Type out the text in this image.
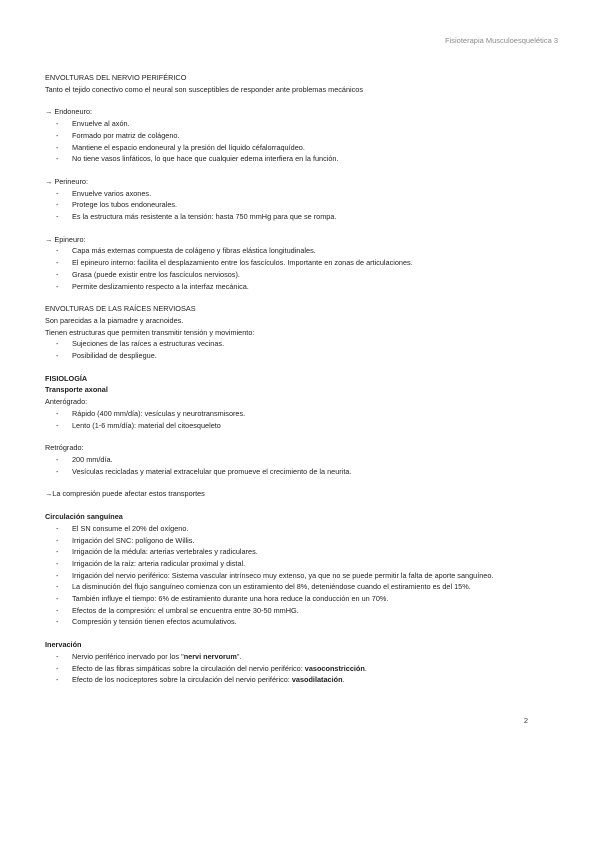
Fisioterapia Musculoesquelética 3
ENVOLTURAS DEL NERVIO PERIFÉRICO
Tanto el tejido conectivo como el neural son susceptibles de responder ante problemas mecánicos
→ Endoneuro:
- Envuelve al axón.
- Formado por matriz de colágeno.
- Mantiene el espacio endoneural y la presión del líquido céfalorraquídeo.
- No tiene vasos linfáticos, lo que hace que cualquier edema interfiera en la función.
→ Perineuro:
- Envuelve varios axones.
- Protege los tubos endoneurales.
- Es la estructura más resistente a la tensión: hasta 750 mmHg para que se rompa.
→ Epineuro:
- Capa más externas compuesta de colágeno y fibras elástica longitudinales.
- El epineuro interno: facilita el desplazamiento entre los fascículos. Importante en zonas de articulaciones.
- Grasa (puede existir entre los fascículos nerviosos).
- Permite deslizamiento respecto a la interfaz mecánica.
ENVOLTURAS DE LAS RAÍCES NERVIOSAS
Son parecidas a la piamadre y aracnoides.
Tienen estructuras que permiten transmitir tensión y movimiento:
- Sujeciones de las raíces a estructuras vecinas.
- Posibilidad de despliegue.
FISIOLOGÍA
Transporte axonal
Anterógrado:
- Rápido (400 mm/día): vesículas y neurotransmisores.
- Lento (1-6 mm/día): material del citoesqueleto
Retrógrado:
- 200 mm/día.
- Vesículas recicladas y material extracelular que promueve el crecimiento de la neurita.
→La compresión puede afectar estos transportes
Circulación sanguínea
- El SN consume el 20% del oxígeno.
- Irrigación del SNC: polígono de Willis.
- Irrigación de la médula: arterias vertebrales y radiculares.
- Irrigación de la raíz: arteria radicular proximal y distal.
- Irrigación del nervio periférico: Sistema vascular intrínseco muy extenso, ya que no se puede permitir la falta de aporte sanguíneo.
- La disminución del flujo sanguíneo comienza con un estiramiento del 8%, deteniéndose cuando el estiramiento es del 15%.
- También influye el tiempo: 6% de estiramiento durante una hora reduce la conducción en un 70%.
- Efectos de la compresión: el umbral se encuentra entre 30-50 mmHG.
- Compresión y tensión tienen efectos acumulativos.
Inervación
- Nervio periférico inervado por los "nervi nervorum".
- Efecto de las fibras simpáticas sobre la circulación del nervio periférico: vasoconstricción.
- Efecto de los nociceptores sobre la circulación del nervio periférico: vasodilatación.
2
